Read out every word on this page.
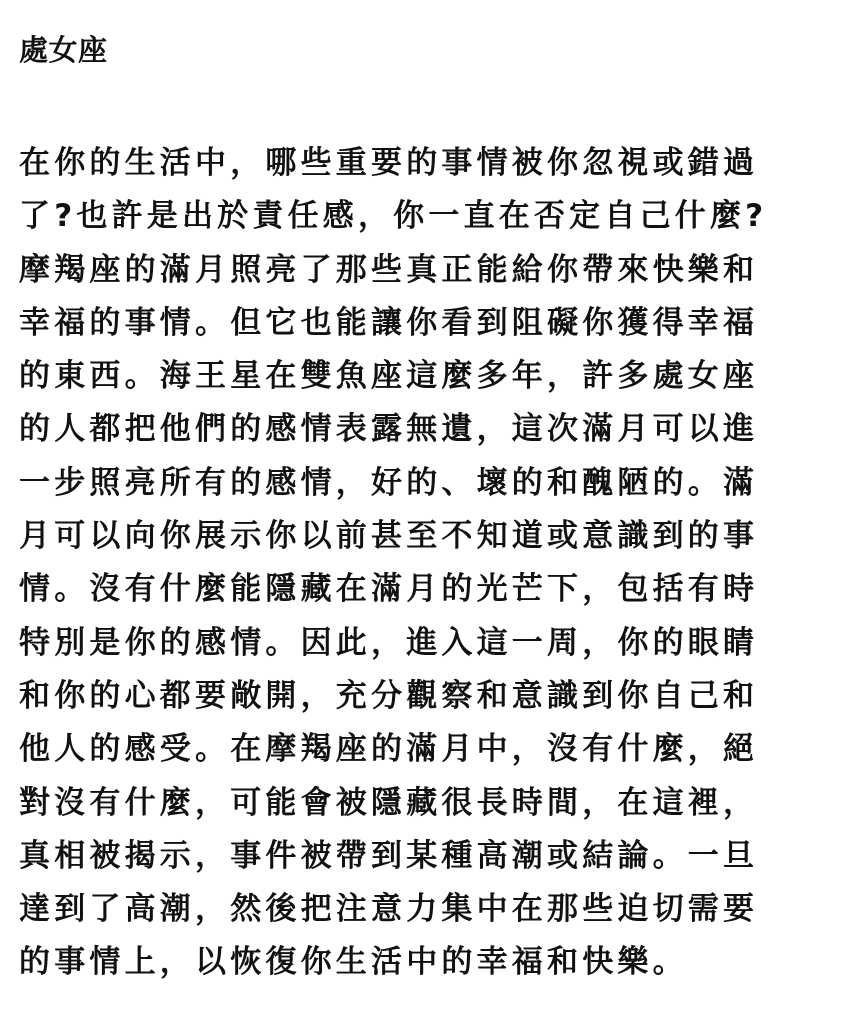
處女座
在你的生活中，哪些重要的事情被你忽視或錯過
了?也許是出於責任感，你一直在否定自己什麼?
摩羯座的滿月照亮了那些真正能給你帶來快樂和
幸福的事情。但它也能讓你看到阻礙你獲得幸福
的東西。海王星在雙魚座這麼多年，許多處女座
的人都把他們的感情表露無遺，這次滿月可以進
一步照亮所有的感情，好的、壞的和醜陋的。滿
月可以向你展示你以前甚至不知道或意識到的事
情。沒有什麼能隱藏在滿月的光芒下，包括有時
特別是你的感情。因此，進入這一周，你的眼睛
和你的心都要敞開，充分觀察和意識到你自己和
他人的感受。在摩羯座的滿月中，沒有什麼，絕
對沒有什麼，可能會被隱藏很長時間，在這裡，
真相被揭示，事件被帶到某種高潮或結論。一旦
達到了高潮，然後把注意力集中在那些迫切需要
的事情上，以恢復你生活中的幸福和快樂。
